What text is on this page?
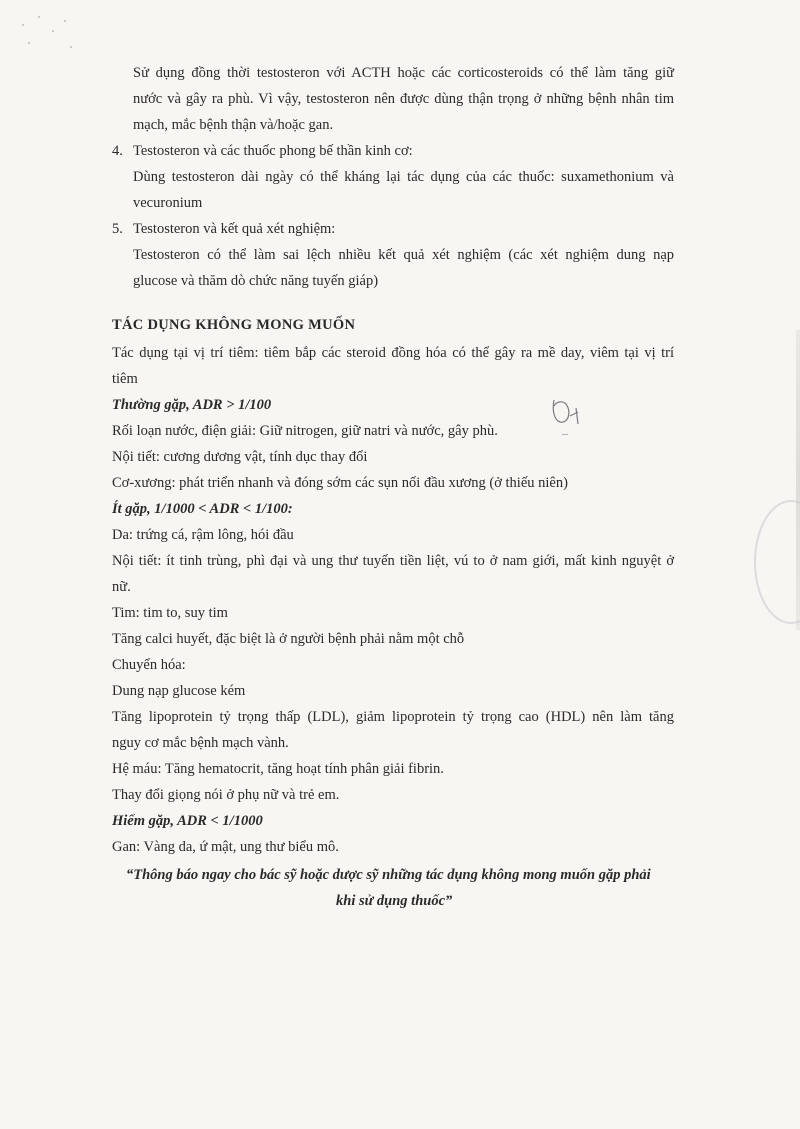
Sử dụng đồng thời testosteron với ACTH hoặc các corticosteroids có thể làm tăng giữ
nước và gây ra phù. Vì vậy, testosteron nên được dùng thận trọng ở những bệnh nhân tim
mạch, mắc bệnh thận và/hoặc gan.
4. Testosteron và các thuốc phong bế thần kinh cơ:
Dùng testosteron dài ngày có thể kháng lại tác dụng của các thuốc: suxamethonium và
vecuronium
5. Testosteron và kết quả xét nghiệm:
Testosteron có thể làm sai lệch nhiều kết quả xét nghiệm (các xét nghiệm dung nạp
glucose và thăm dò chức năng tuyến giáp)
TÁC DỤNG KHÔNG MONG MUỐN
Tác dụng tại vị trí tiêm: tiêm bắp các steroid đồng hóa có thể gây ra mề day, viêm tại vị trí
tiêm
Thường gặp, ADR > 1/100
Rối loạn nước, điện giải: Giữ nitrogen, giữ natri và nước, gây phù.
Nội tiết: cương dương vật, tính dục thay đổi
Cơ-xương: phát triển nhanh và đóng sớm các sụn nối đầu xương (ở thiếu niên)
Ít gặp, 1/1000 < ADR < 1/100:
Da: trứng cá, rậm lông, hói đầu
Nội tiết: ít tinh trùng, phì đại và ung thư tuyến tiền liệt, vú to ở nam giới, mất kinh nguyệt ở
nữ.
Tim: tim to, suy tim
Tăng calci huyết, đặc biệt là ở người bệnh phải nằm một chỗ
Chuyển hóa:
Dung nạp glucose kém
Tăng lipoprotein tỷ trọng thấp (LDL), giảm lipoprotein tỷ trọng cao (HDL) nên làm tăng
nguy cơ mắc bệnh mạch vành.
Hệ máu: Tăng hematocrit, tăng hoạt tính phân giải fibrin.
Thay đổi giọng nói ở phụ nữ và trẻ em.
Hiếm gặp, ADR < 1/1000
Gan: Vàng da, ứ mật, ung thư biểu mô.
“Thông báo ngay cho bác sỹ hoặc dược sỹ những tác dụng không mong muốn gặp phải
khi sử dụng thuốc”
–
